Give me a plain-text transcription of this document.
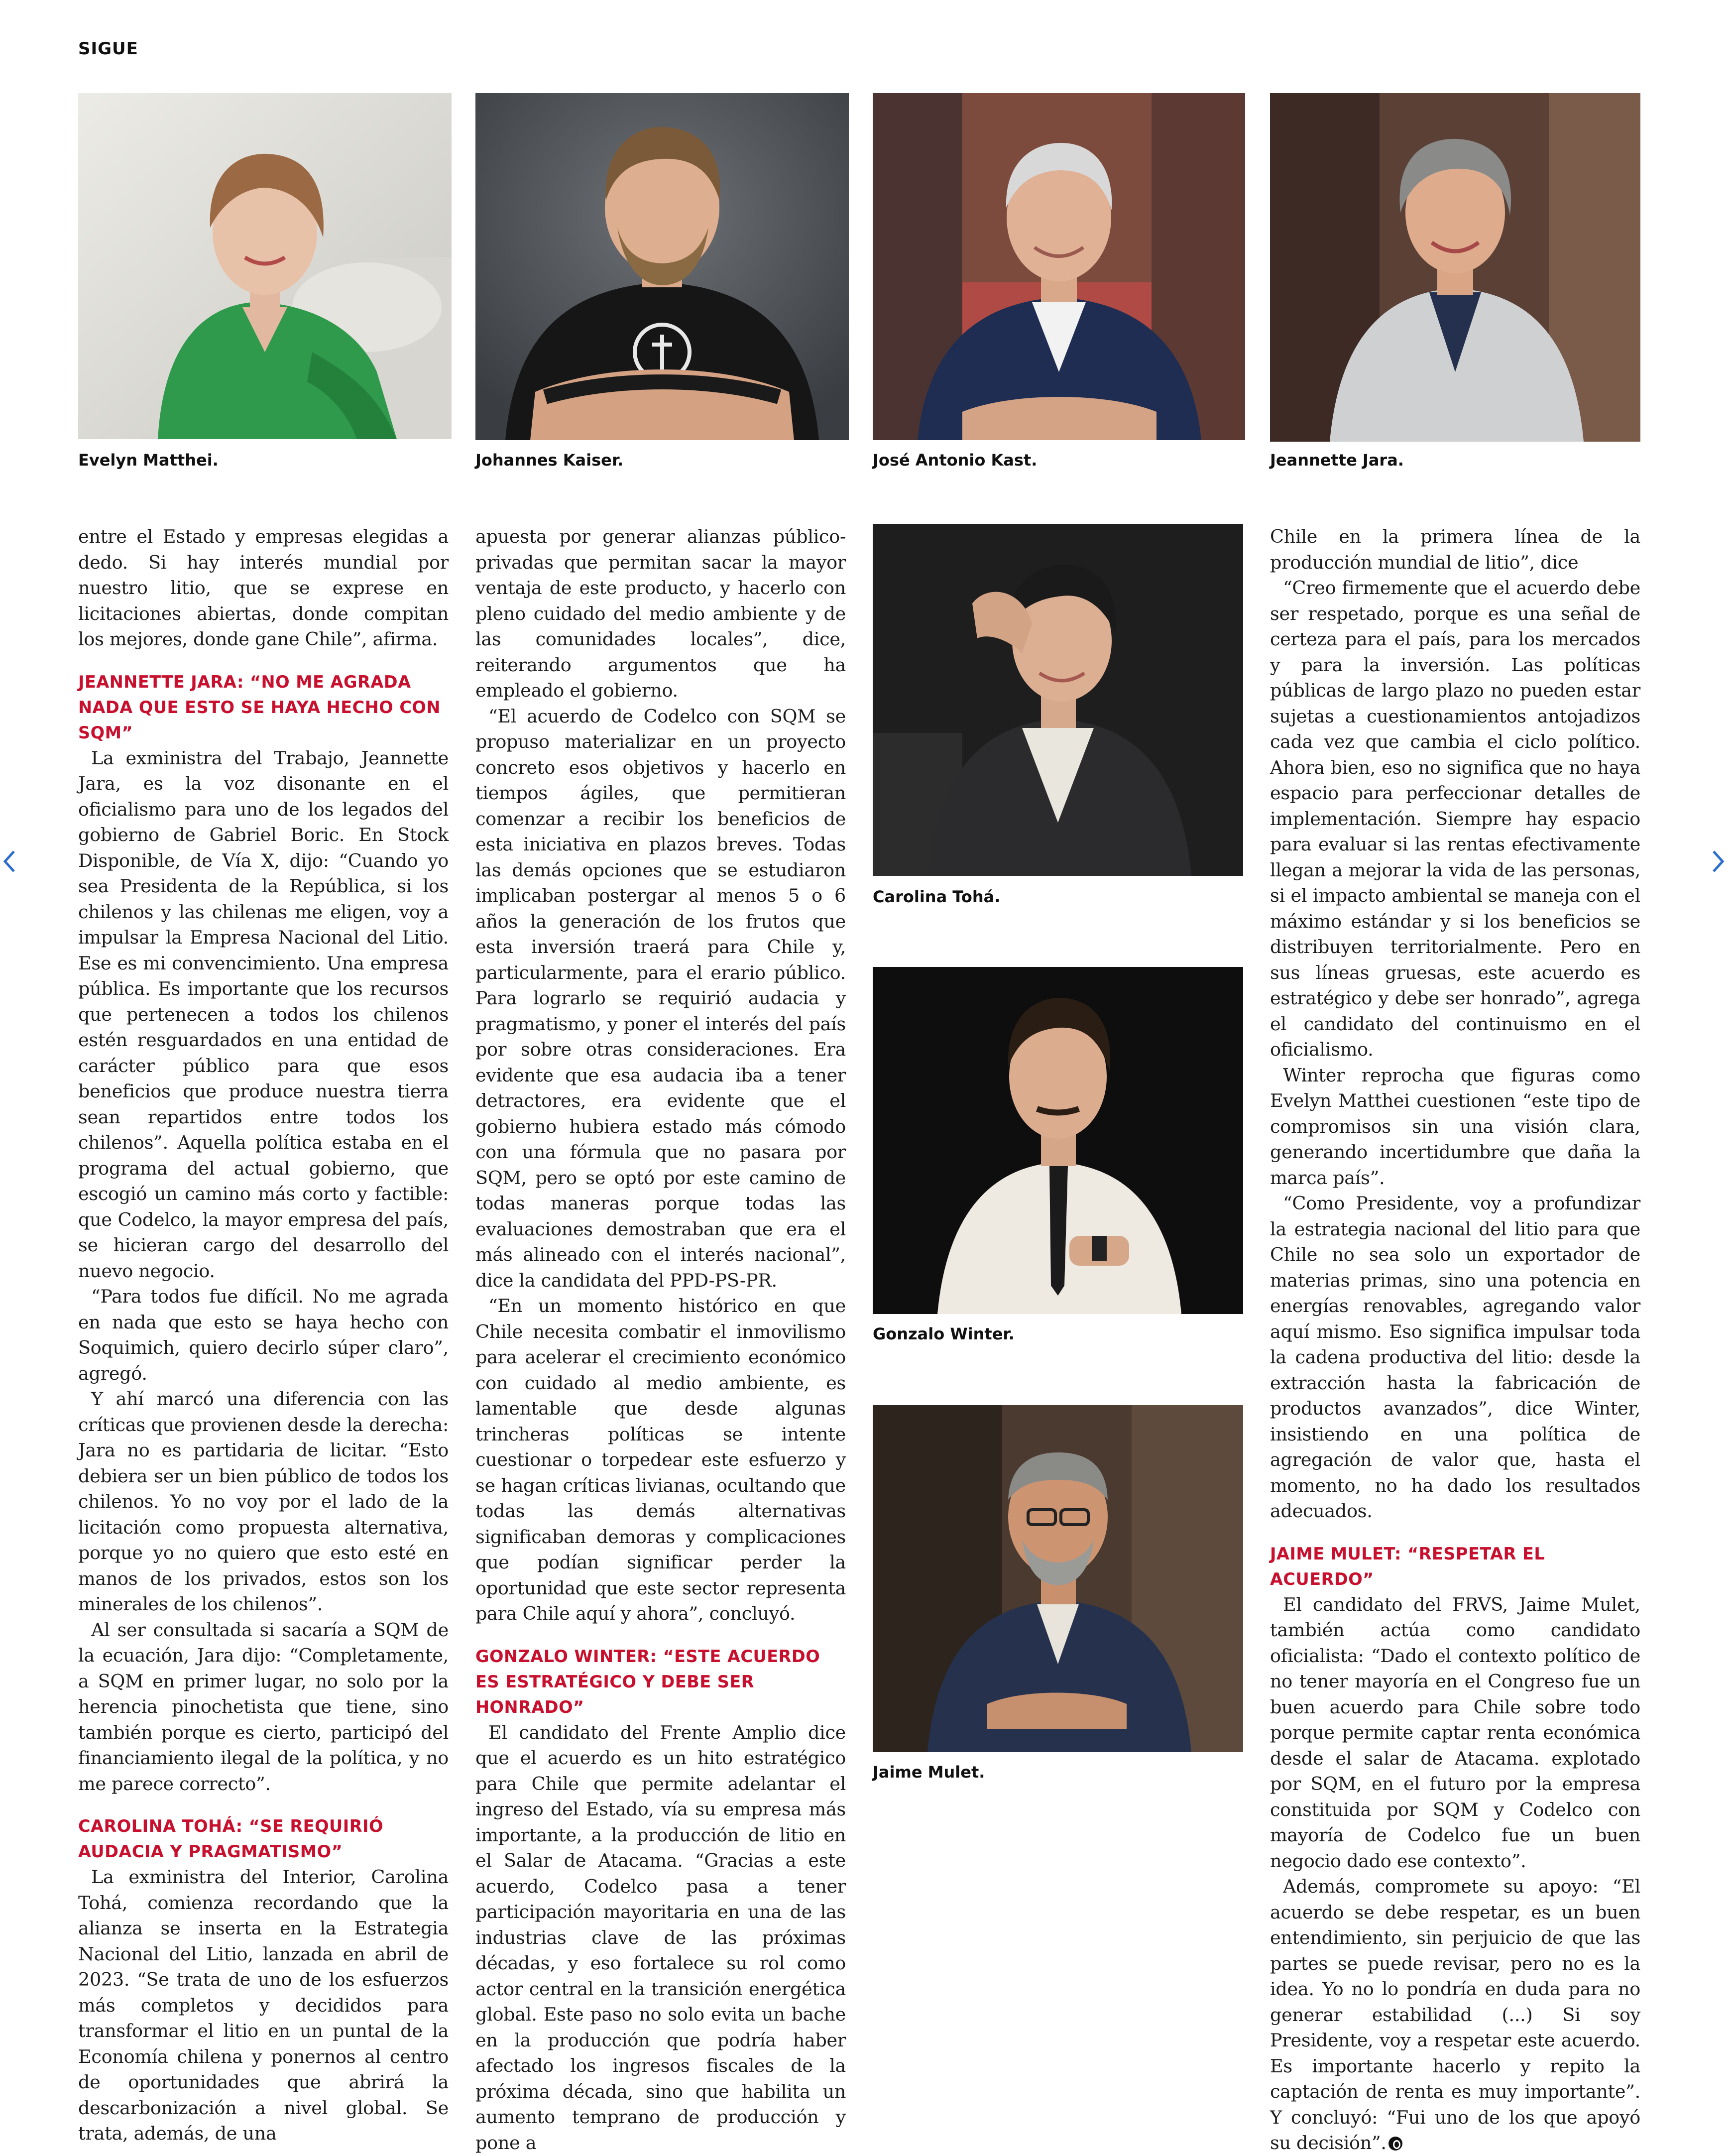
SIGUE
Evelyn Matthei.	Johannes Kaiser.	José Antonio Kast.	Jeannette Jara.

entre el Estado y empresas elegidas a dedo. Si hay interés mundial por nuestro litio, que se exprese en licitaciones abiertas, donde compitan los mejores, donde gane Chile”, afirma.

JEANNETTE JARA: “NO ME AGRADA NADA QUE ESTO SE HAYA HECHO CON SQM”

La exministra del Trabajo, Jeannette Jara, es la voz disonante en el oficialismo para uno de los legados del gobierno de Gabriel Boric. En Stock Disponible, de Vía X, dijo: “Cuando yo sea Presidenta de la República, si los chilenos y las chilenas me eligen, voy a impulsar la Empresa Nacional del Litio. Ese es mi convencimiento. Una empresa pública. Es importante que los recursos que pertenecen a todos los chilenos estén resguardados en una entidad de carácter público para que esos beneficios que produce nuestra tierra sean repartidos entre todos los chilenos”. Aquella política estaba en el programa del actual gobierno, que escogió un camino más corto y factible: que Codelco, la mayor empresa del país, se hicieran cargo del desarrollo del nuevo negocio.

“Para todos fue difícil. No me agrada en nada que esto se haya hecho con Soquimich, quiero decirlo súper claro”, agregó.

Y ahí marcó una diferencia con las críticas que provienen desde la derecha: Jara no es partidaria de licitar. “Esto debiera ser un bien público de todos los chilenos. Yo no voy por el lado de la licitación como propuesta alternativa, porque yo no quiero que esto esté en manos de los privados, estos son los minerales de los chilenos”.

Al ser consultada si sacaría a SQM de la ecuación, Jara dijo: “Completamente, a SQM en primer lugar, no solo por la herencia pinochetista que tiene, sino también porque es cierto, participó del financiamiento ilegal de la política, y no me parece correcto”.

CAROLINA TOHÁ: “SE REQUIRIÓ AUDACIA Y PRAGMATISMO”

La exministra del Interior, Carolina Tohá, comienza recordando que la alianza se inserta en la Estrategia Nacional del Litio, lanzada en abril de 2023. “Se trata de uno de los esfuerzos más completos y decididos para transformar el litio en un puntal de la Economía chilena y ponernos al centro de oportunidades que abrirá la descarbonización a nivel global. Se trata, además, de una

apuesta por generar alianzas público-privadas que permitan sacar la mayor ventaja de este producto, y hacerlo con pleno cuidado del medio ambiente y de las comunidades locales”, dice, reiterando argumentos que ha empleado el gobierno.

“El acuerdo de Codelco con SQM se propuso materializar en un proyecto concreto esos objetivos y hacerlo en tiempos ágiles, que permitieran comenzar a recibir los beneficios de esta iniciativa en plazos breves. Todas las demás opciones que se estudiaron implicaban postergar al menos 5 o 6 años la generación de los frutos que esta inversión traerá para Chile y, particularmente, para el erario público. Para lograrlo se requirió audacia y pragmatismo, y poner el interés del país por sobre otras consideraciones. Era evidente que esa audacia iba a tener detractores, era evidente que el gobierno hubiera estado más cómodo con una fórmula que no pasara por SQM, pero se optó por este camino de todas maneras porque todas las evaluaciones demostraban que era el más alineado con el interés nacional”, dice la candidata del PPD-PS-PR.

“En un momento histórico en que Chile necesita combatir el inmovilismo para acelerar el crecimiento económico con cuidado al medio ambiente, es lamentable que desde algunas trincheras políticas se intente cuestionar o torpedear este esfuerzo y se hagan críticas livianas, ocultando que todas las demás alternativas significaban demoras y complicaciones que podían significar perder la oportunidad que este sector representa para Chile aquí y ahora”, concluyó.

GONZALO WINTER: “ESTE ACUERDO ES ESTRATÉGICO Y DEBE SER HONRADO”

El candidato del Frente Amplio dice que el acuerdo es un hito estratégico para Chile que permite adelantar el ingreso del Estado, vía su empresa más importante, a la producción de litio en el Salar de Atacama. “Gracias a este acuerdo, Codelco pasa a tener participación mayoritaria en una de las industrias clave de las próximas décadas, y eso fortalece su rol como actor central en la transición energética global. Este paso no solo evita un bache en la producción que podría haber afectado los ingresos fiscales de la próxima década, sino que habilita un aumento temprano de producción y pone a

Carolina Tohá.
Gonzalo Winter.
Jaime Mulet.

Chile en la primera línea de la producción mundial de litio”, dice

“Creo firmemente que el acuerdo debe ser respetado, porque es una señal de certeza para el país, para los mercados y para la inversión. Las políticas públicas de largo plazo no pueden estar sujetas a cuestionamientos antojadizos cada vez que cambia el ciclo político. Ahora bien, eso no significa que no haya espacio para perfeccionar detalles de implementación. Siempre hay espacio para evaluar si las rentas efectivamente llegan a mejorar la vida de las personas, si el impacto ambiental se maneja con el máximo estándar y si los beneficios se distribuyen territorialmente. Pero en sus líneas gruesas, este acuerdo es estratégico y debe ser honrado”, agrega el candidato del continuismo en el oficialismo.

Winter reprocha que figuras como Evelyn Matthei cuestionen “este tipo de compromisos sin una visión clara, generando incertidumbre que daña la marca país”.

“Como Presidente, voy a profundizar la estrategia nacional del litio para que Chile no sea solo un exportador de materias primas, sino una potencia en energías renovables, agregando valor aquí mismo. Eso significa impulsar toda la cadena productiva del litio: desde la extracción hasta la fabricación de productos avanzados”, dice Winter, insistiendo en una política de agregación de valor que, hasta el momento, no ha dado los resultados adecuados.

JAIME MULET: “RESPETAR EL ACUERDO”

El candidato del FRVS, Jaime Mulet, también actúa como candidato oficialista: “Dado el contexto político de no tener mayoría en el Congreso fue un buen acuerdo para Chile sobre todo porque permite captar renta económica desde el salar de Atacama. explotado por SQM, en el futuro por la empresa constituida por SQM y Codelco con mayoría de Codelco fue un buen negocio dado ese contexto”.

Además, compromete su apoyo: “El acuerdo se debe respetar, es un buen entendimiento, sin perjuicio de que las partes se puede revisar, pero no es la idea. Yo no lo pondría en duda para no generar estabilidad (...) Si soy Presidente, voy a respetar este acuerdo. Es importante hacerlo y repito la captación de renta es muy importante”. Y concluyó: “Fui uno de los que apoyó su decisión”.
